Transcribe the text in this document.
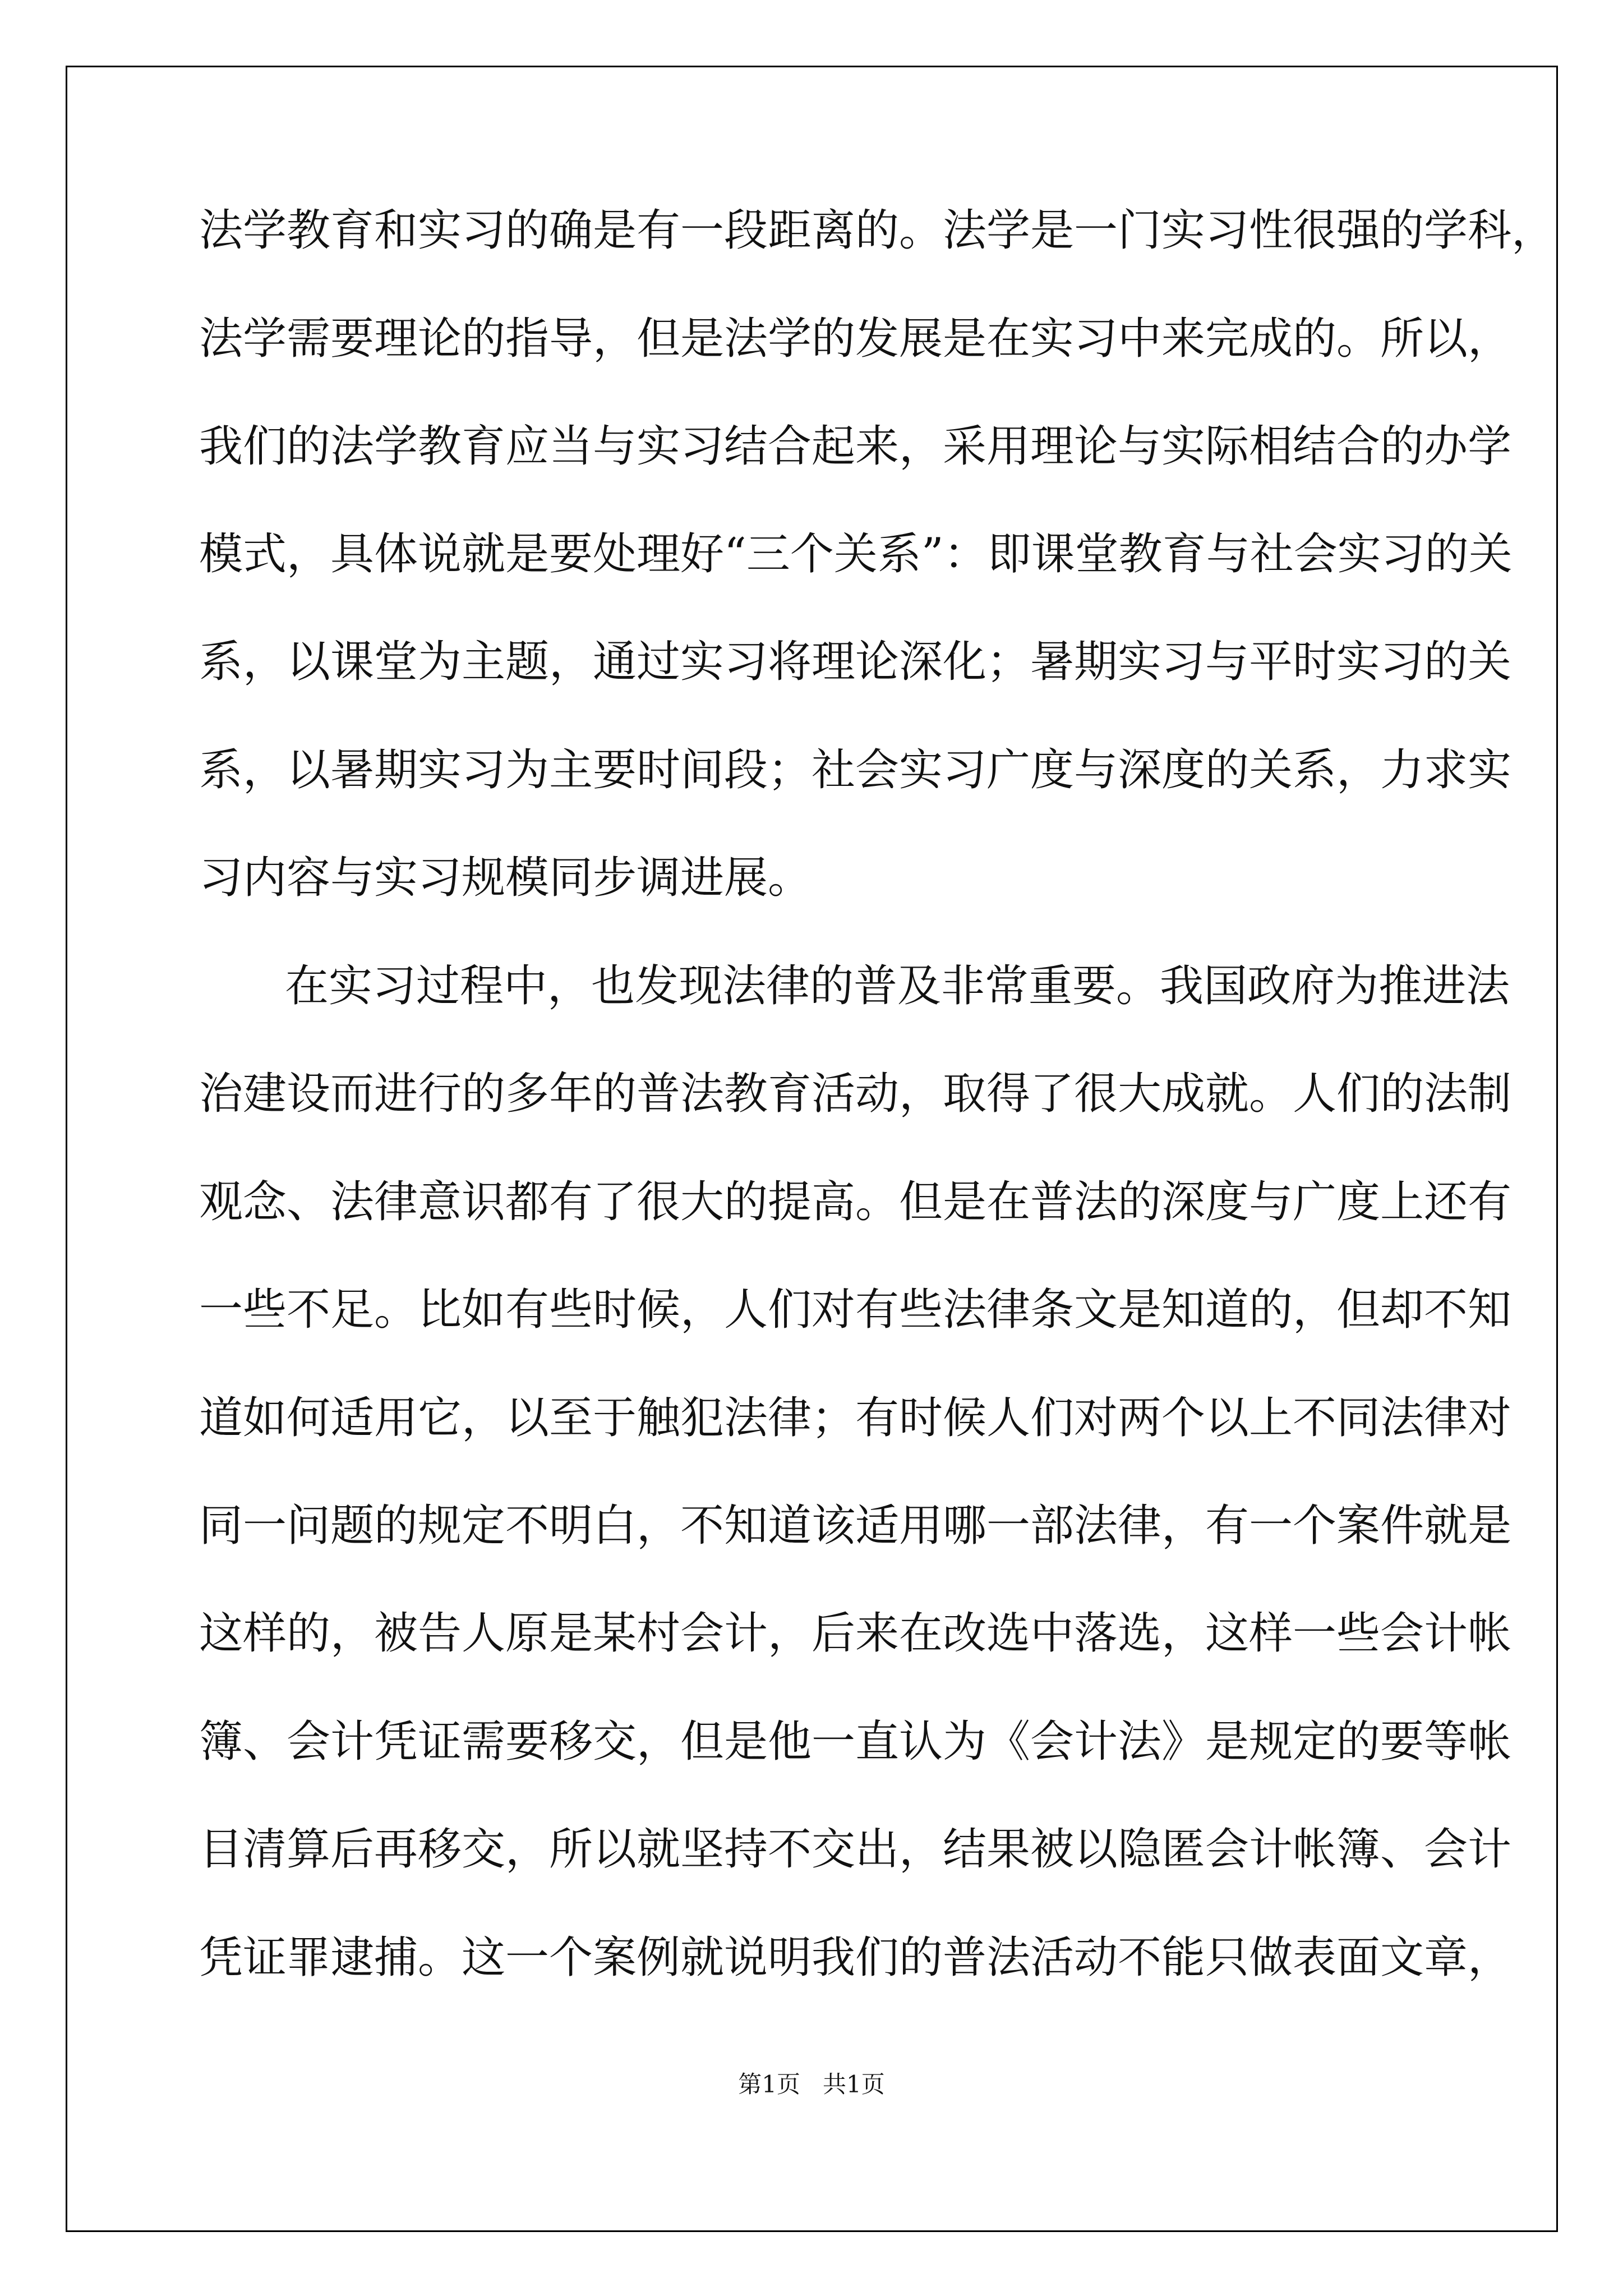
法学教育和实习的确是有一段距离的。法学是一门实习性很强的学科，

法学需要理论的指导，但是法学的发展是在实习中来完成的。所以，

我们的法学教育应当与实习结合起来，采用理论与实际相结合的办学

模式，具体说就是要处理好“三个关系”：即课堂教育与社会实习的关

系，以课堂为主题，通过实习将理论深化；暑期实习与平时实习的关

系，以暑期实习为主要时间段；社会实习广度与深度的关系，力求实

习内容与实习规模同步调进展。

在实习过程中，也发现法律的普及非常重要。我国政府为推进法

治建设而进行的多年的普法教育活动，取得了很大成就。人们的法制

观念、法律意识都有了很大的提高。但是在普法的深度与广度上还有

一些不足。比如有些时候，人们对有些法律条文是知道的，但却不知

道如何适用它，以至于触犯法律；有时候人们对两个以上不同法律对

同一问题的规定不明白，不知道该适用哪一部法律，有一个案件就是

这样的，被告人原是某村会计，后来在改选中落选，这样一些会计帐

簿、会计凭证需要移交，但是他一直认为《会计法》是规定的要等帐

目清算后再移交，所以就坚持不交出，结果被以隐匿会计帐簿、会计

凭证罪逮捕。这一个案例就说明我们的普法活动不能只做表面文章，

第1页   共1页
